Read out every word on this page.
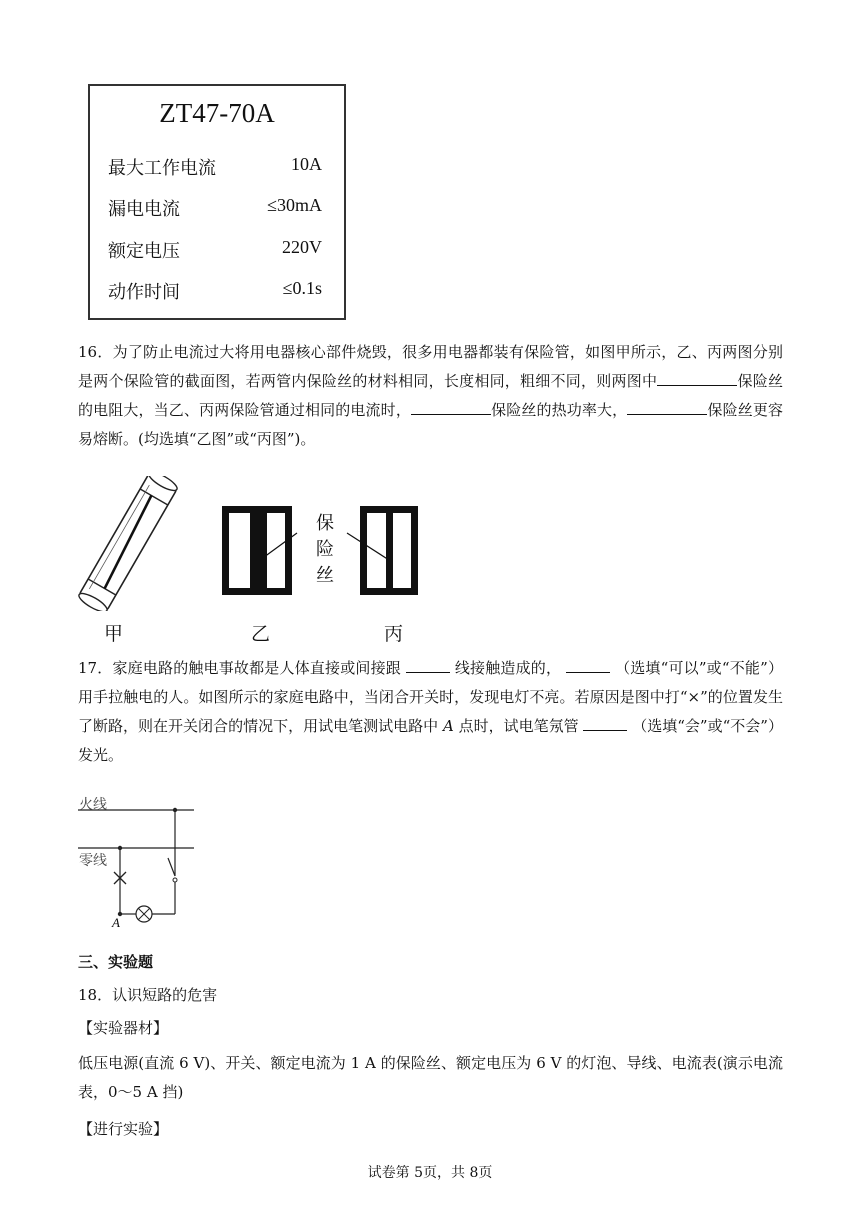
ZT47-70A
最大工作电流	10A
漏电电流	≤30mA
额定电压	220V
动作时间	≤0.1s
16．为了防止电流过大将用电器核心部件烧毁，很多用电器都装有保险管，如图甲所示，乙、丙两图分别是两个保险管的截面图，若两管内保险丝的材料相同，长度相同，粗细不同，则两图中	保险丝的电阻大，当乙、丙两保险管通过相同的电流时，	保险丝的热功率大，	保险丝更容易熔断。(均选填“乙图”或“丙图”)。
保
险
丝
甲	乙	丙
17．家庭电路的触电事故都是人体直接或间接跟	线接触造成的，	（选填“可以”或“不能”）用手拉触电的人。如图所示的家庭电路中，当闭合开关时，发现电灯不亮。若原因是图中打“×”的位置发生了断路，则在开关闭合的情况下，用试电笔测试电路中 A 点时，试电笔氖管	（选填“会”或“不会”）发光。
火线
零线
A
三、实验题
18．认识短路的危害
【实验器材】
低压电源(直流 6 V)、开关、额定电流为 1 A 的保险丝、额定电压为 6 V 的灯泡、导线、电流表(演示电流表，0～5 A 挡)
【进行实验】
试卷第 5页，共 8页
